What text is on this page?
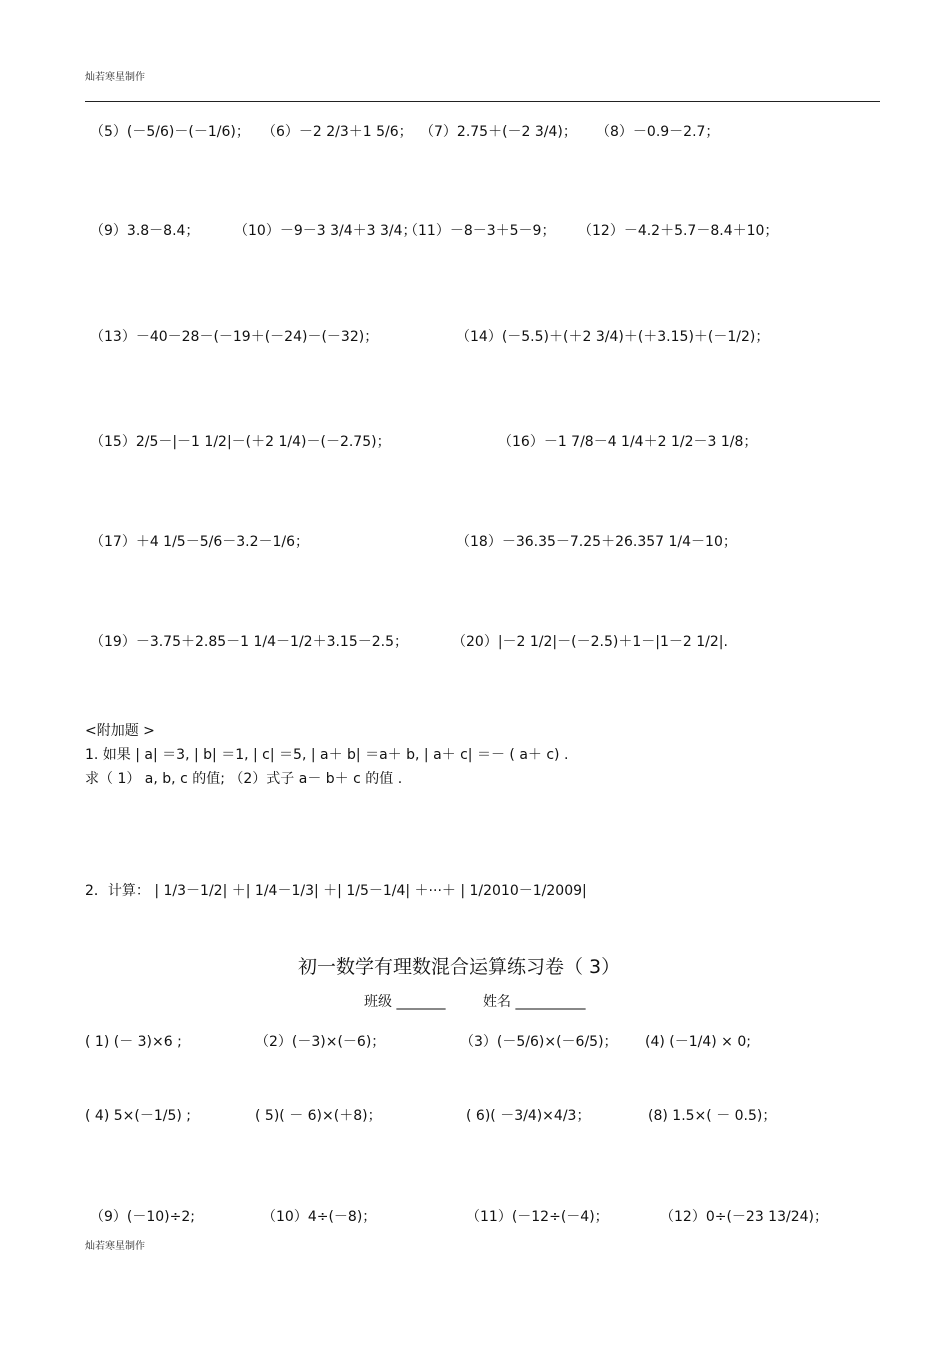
灿若寒星制作
（5）(－5/6)－(－1/6)； （6）－2 2/3＋1 5/6； （7）2.75＋(－2 3/4)； （8）－0.9－2.7；
（9）3.8－8.4； （10）－9－3 3/4＋3 3/4；
（11）－8－3＋5－9； （12）－4.2＋5.7－8.4＋10；
（13）－40－28－(－19＋(－24)－(－32)；	（14）(－5.5)＋(＋2 3/4)＋(＋3.15)＋(－1/2)；
（15）2/5－|－1 1/2|－(＋2 1/4)－(－2.75)；	（16）－1 7/8－4 1/4＋2 1/2－3 1/8；
（17）＋4 1/5－5/6－3.2－1/6；	（18）－36.35－7.25＋26.357 1/4－10；
（19）－3.75＋2.85－1 1/4－1/2＋3.15－2.5；	（20）|－2 1/2|－(－2.5)＋1－|1－2 1/2|.
<附加题 >
1. 如果 | a| ＝3, | b| ＝1, | c| ＝5, | a＋ b| ＝a＋ b, | a＋ c| ＝－ ( a＋ c) .
求（ 1） a, b, c 的值; （2）式子 a－ b＋ c 的值 .
2．计算： | 1/3－1/2| ＋| 1/4－1/3| ＋| 1/5－1/4| ＋···＋ | 1/2010－1/2009|
初一数学有理数混合运算练习卷（ 3）
班级 _______	姓名 __________
( 1) (－ 3)×6 ;	（2）(－3)×(－6)；	（3）(－5/6)×(－6/5)； (4) (－1/4) × 0;
( 4) 5×(－1/5) ;	( 5)( － 6)×(＋8)；	( 6)( －3/4)×4/3；	(8) 1.5×( － 0.5)；
（9）(－10)÷2;	（10）4÷(－8)；	（11）(－12÷(－4)；	（12）0÷(－23 13/24)；
灿若寒星制作
